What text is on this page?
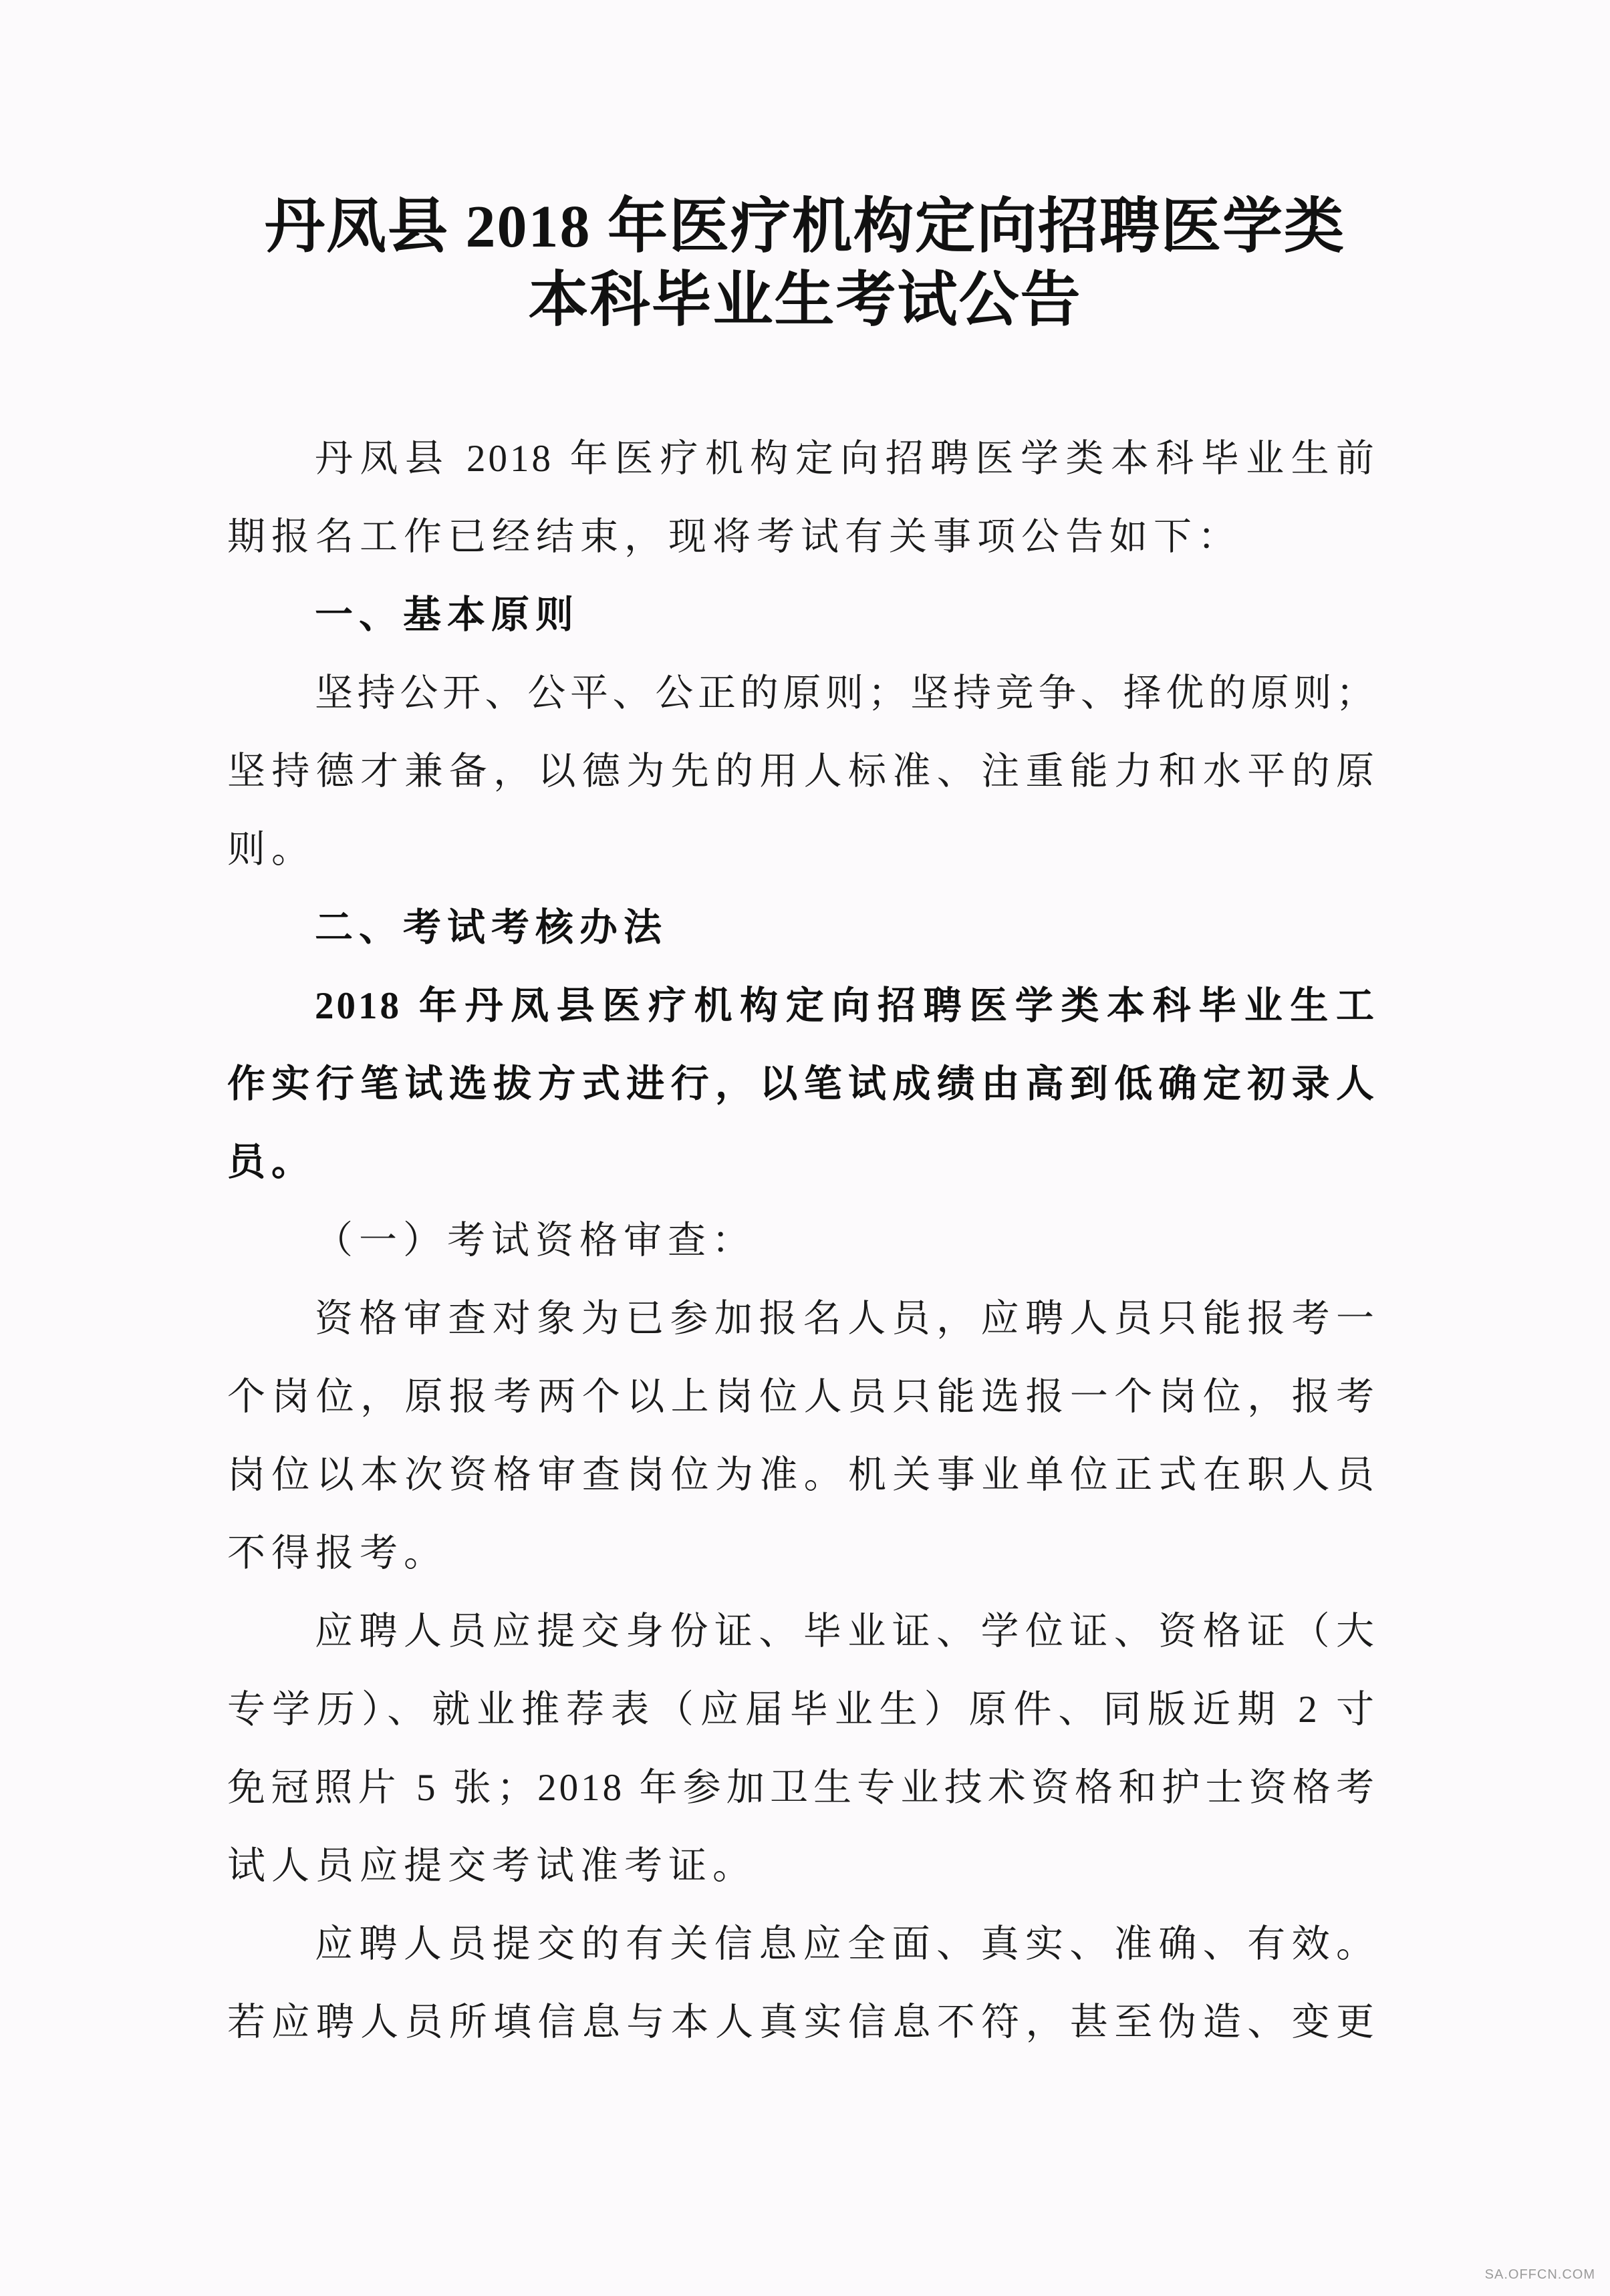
丹凤县 2018 年医疗机构定向招聘医学类
本科毕业生考试公告
丹凤县 2018 年医疗机构定向招聘医学类本科毕业生前
期报名工作已经结束，现将考试有关事项公告如下：
一、基本原则
坚持公开、公平、公正的原则；坚持竞争、择优的原则；
坚持德才兼备，以德为先的用人标准、注重能力和水平的原
则。
二、考试考核办法
2018 年丹凤县医疗机构定向招聘医学类本科毕业生工
作实行笔试选拔方式进行，以笔试成绩由高到低确定初录人
员。
（一）考试资格审查：
资格审查对象为已参加报名人员，应聘人员只能报考一
个岗位，原报考两个以上岗位人员只能选报一个岗位，报考
岗位以本次资格审查岗位为准。机关事业单位正式在职人员
不得报考。
应聘人员应提交身份证、毕业证、学位证、资格证（大
专学历）、就业推荐表（应届毕业生）原件、同版近期 2 寸
免冠照片 5 张；2018 年参加卫生专业技术资格和护士资格考
试人员应提交考试准考证。
应聘人员提交的有关信息应全面、真实、准确、有效。
若应聘人员所填信息与本人真实信息不符，甚至伪造、变更
SA.OFFCN.COM
